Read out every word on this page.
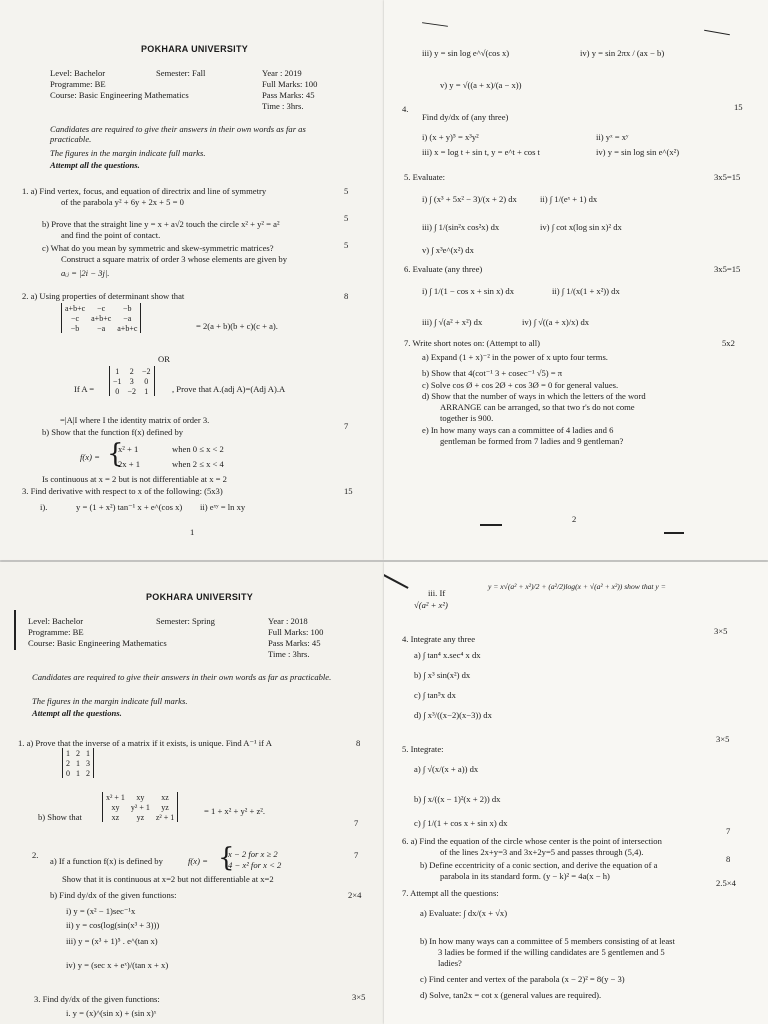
POKHARA UNIVERSITY
Level: Bachelor	Semester: Fall	Year : 2019
Programme: BE	Full Marks: 100
Course: Basic Engineering Mathematics	Pass Marks: 45
Time : 3hrs.
Candidates are required to give their answers in their own words as far as practicable.
The figures in the margin indicate full marks.
Attempt all the questions.
1. a) Find vertex, focus, and equation of directrix and line of symmetry
of the parabola y² + 6y + 2x + 5 = 0
5
b) Prove that the straight line y = x + a√2 touch the circle x² + y² = a²
and find the point of contact.
5
c) What do you mean by symmetric and skew-symmetric matrices?
Construct a square matrix of order 3 whose elements are given by
aᵢⱼ = |2i − 3j|.
5
2. a) Using properties of determinant show that	8
a+b+c	−c	−b
−c	a+b+c	−a
−b	−a	a+b+c	= 2(a + b)(b + c)(c + a).
OR
If A =
1	2	−2
−1	3	0
0	−2	1	, Prove that A.(adj A)=(Adj A).A
=|A|I where I the identity matrix of order 3.
b) Show that the function f(x) defined by
7
f(x) = {
x² + 1	when 0 ≤ x < 2
2x + 1	when 2 ≤ x < 4
Is continuous at x = 2 but is not differentiable at x = 2
3. Find derivative with respect to x of the following: (5x3)	15
i).	y = (1 + x²) tan⁻¹ x + e^(cos x) ii) eˣʸ = ln xy
1
iii) y = sin log e^√(cos x)	iv) y = sin 2πx / (ax − b)
v) y = √((a + x)/(a − x))
4.
Find dy/dx of (any three)
15
i) (x + y)⁵ = x³y²	ii) yˣ = xʸ
iii) x = log t + sin t, y = e^t + cos t	iv) y = sin log sin e^(x²)
5. Evaluate:	3x5=15
i) ∫ (x³ + 5x² − 3)/(x + 2) dx	ii) ∫ 1/(eˣ + 1) dx
iii) ∫ 1/(sin²x cos²x) dx	iv) ∫ cot x(log sin x)² dx
v) ∫ x³e^(x²) dx
6. Evaluate (any three)	3x5=15
i) ∫ 1/(1 − cos x + sin x) dx	ii) ∫ 1/(x(1 + x²)) dx
iii) ∫ √(a² + x²) dx	iv) ∫ √((a + x)/x) dx
7. Write short notes on: (Attempt to all)	5x2
a) Expand (1 + x)⁻² in the power of x upto four terms.
b) Show that 4(cot⁻¹ 3 + cosec⁻¹ √5) = π
c) Solve cos Ø + cos 2Ø + cos 3Ø = 0 for general values.
d) Show that the number of ways in which the letters of the word
ARRANGE can be arranged, so that two r's do not come
together is 900.
e) In how many ways can a committee of 4 ladies and 6
gentleman be formed from 7 ladies and 9 gentleman?
2
POKHARA UNIVERSITY
Level: Bachelor	Semester: Spring	Year : 2018
Programme: BE	Full Marks: 100
Course: Basic Engineering Mathematics	Pass Marks: 45
Time : 3hrs.
Candidates are required to give their answers in their own words as far as practicable.
The figures in the margin indicate full marks.
Attempt all the questions.
1. a) Prove that the inverse of a matrix if it exists, is unique. Find A⁻¹ if A	8
1	2	1
2	1	3
0	1	2
b) Show that
x² + 1	xy	xz
xy	y² + 1	yz
xz	yz	z² + 1
= 1 + x² + y² + z².
7
2.
a) If a function f(x) is defined by	f(x) = {
x − 2 for x ≥ 2
4 − x² for x < 2
7
Show that it is continuous at x=2 but not differentiable at x=2
b) Find dy/dx of the given functions:	2×4
i) y = (x² − 1)sec⁻¹x
ii) y = cos(log(sin(x³ + 3)))
iii) y = (x³ + 1)⁵ . e^(tan x)
iv) y = (sec x + eˣ)/(tan x + x)
3. Find dy/dx of the given functions:	3×5
i. y = (x)^(sin x) + (sin x)ˣ
iii. If
y = x√(a² + x²)/2 + (a²/2)log(x + √(a² + x²)) show that y =
√(a² + x²)
4. Integrate any three
3×5
a) ∫ tan⁴ x.sec⁴ x dx
b) ∫ x³ sin(x²) dx
c) ∫ tan⁵x dx
d) ∫ x³/((x−2)(x−3)) dx
5. Integrate:
3×5
a) ∫ √(x/(x + a)) dx
b) ∫ x/((x − 1)²(x + 2)) dx
c) ∫ 1/(1 + cos x + sin x) dx
6. a) Find the equation of the circle whose center is the point of intersection
of the lines 2x+y=3 and 3x+2y=5 and passes through (5,4).
7
b) Define eccentricity of a conic section, and derive the equation of a
parabola in its standard form. (y − k)² = 4a(x − h)
8
7. Attempt all the questions:
2.5×4
a) Evaluate: ∫ dx/(x + √x)
b) In how many ways can a committee of 5 members consisting of at least
3 ladies be formed if the willing candidates are 5 gentlemen and 5
ladies?
c) Find center and vertex of the parabola (x − 2)² = 8(y − 3)
d) Solve, tan2x = cot x (general values are required).
